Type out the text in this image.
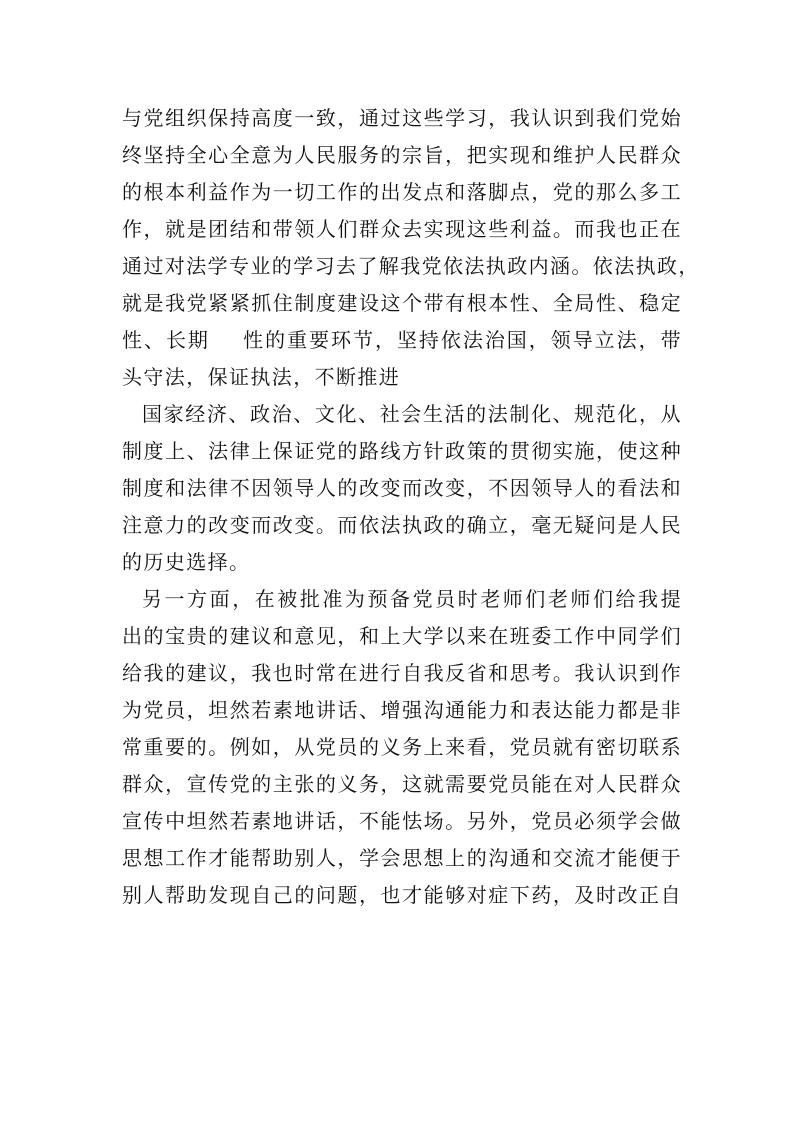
与党组织保持高度一致，通过这些学习，我认识到我们党始
终坚持全心全意为人民服务的宗旨，把实现和维护人民群众
的根本利益作为一切工作的出发点和落脚点，党的那么多工
作，就是团结和带领人们群众去实现这些利益。而我也正在
通过对法学专业的学习去了解我党依法执政内涵。依法执政，
就是我党紧紧抓住制度建设这个带有根本性、全局性、稳定
性、长期    性的重要环节，坚持依法治国，领导立法，带
头守法，保证执法，不断推进
国家经济、政治、文化、社会生活的法制化、规范化，从
制度上、法律上保证党的路线方针政策的贯彻实施，使这种
制度和法律不因领导人的改变而改变，不因领导人的看法和
注意力的改变而改变。而依法执政的确立，毫无疑问是人民
的历史选择。
另一方面，在被批准为预备党员时老师们老师们给我提
出的宝贵的建议和意见，和上大学以来在班委工作中同学们
给我的建议，我也时常在进行自我反省和思考。我认识到作
为党员，坦然若素地讲话、增强沟通能力和表达能力都是非
常重要的。例如，从党员的义务上来看，党员就有密切联系
群众，宣传党的主张的义务，这就需要党员能在对人民群众
宣传中坦然若素地讲话，不能怯场。另外，党员必须学会做
思想工作才能帮助别人，学会思想上的沟通和交流才能便于
别人帮助发现自己的问题，也才能够对症下药，及时改正自
